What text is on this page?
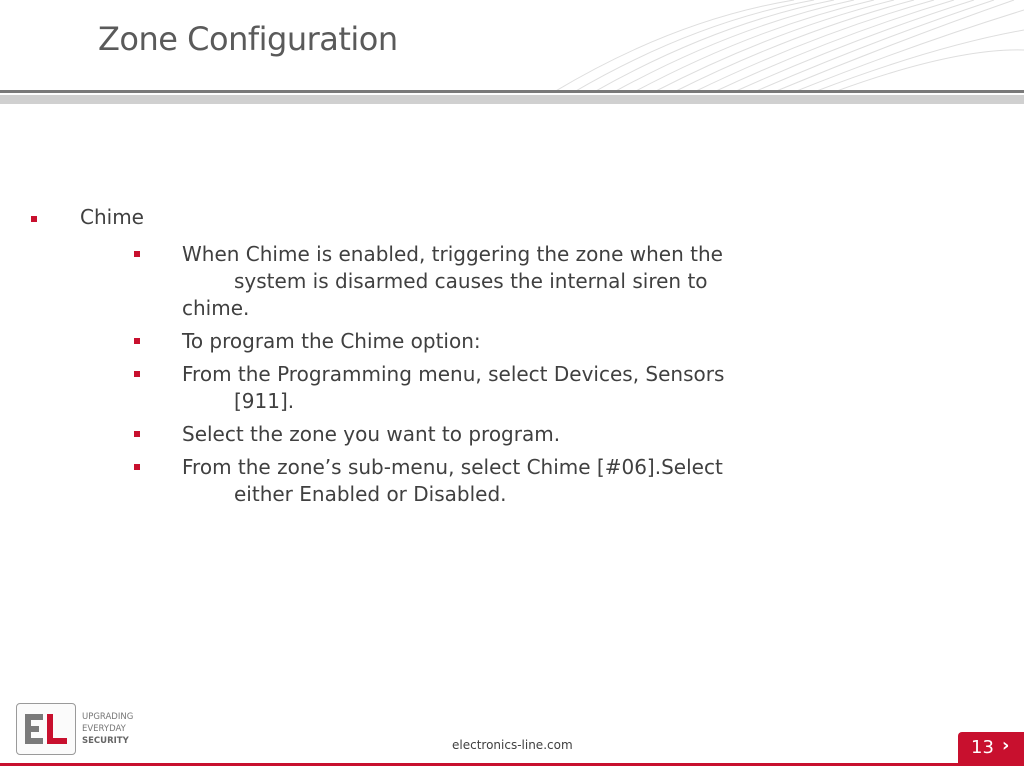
Zone Configuration
Chime
When Chime is enabled, triggering the zone when the
system is disarmed causes the internal siren to
chime.
To program the Chime option:
From the Programming menu, select Devices, Sensors
[911].
Select the zone you want to program.
From the zone’s sub-menu, select Chime [#06].Select
either Enabled or Disabled.
UPGRADING
EVERYDAY
SECURITY	electronics-line.com	13 ›
